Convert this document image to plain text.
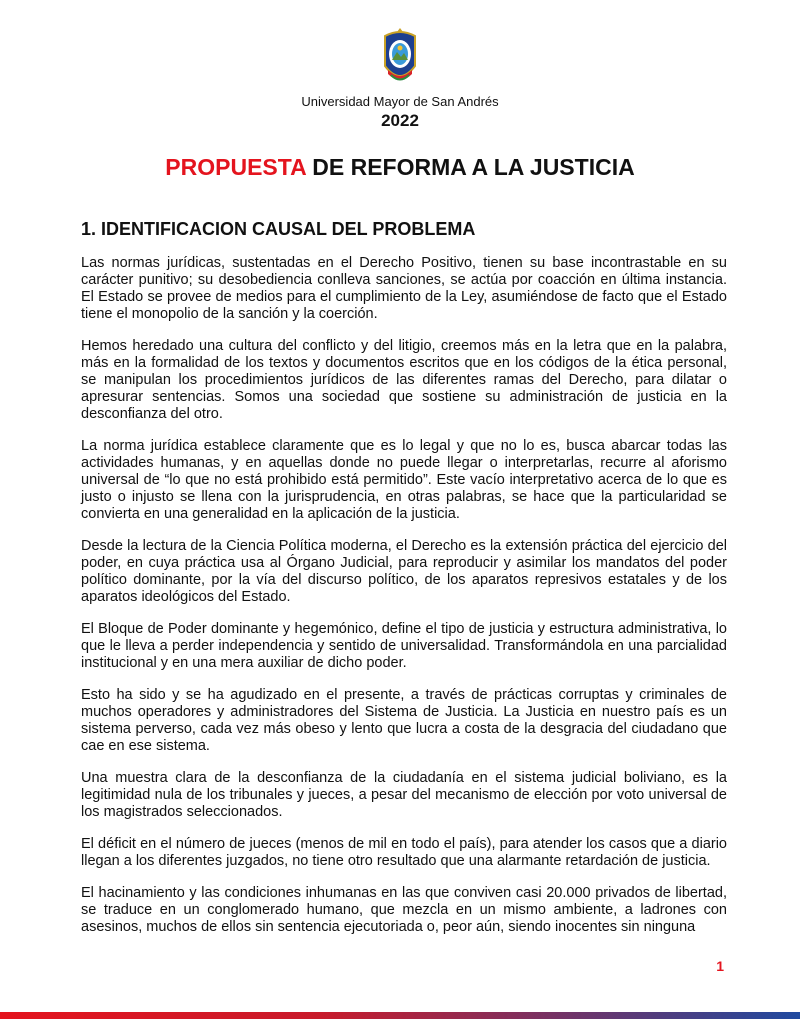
Universidad Mayor de San Andrés
2022
PROPUESTA DE REFORMA A LA JUSTICIA
1. IDENTIFICACION CAUSAL DEL PROBLEMA

Las normas jurídicas, sustentadas en el Derecho Positivo, tienen su base incontrastable en su carácter punitivo; su desobediencia conlleva sanciones, se actúa por coacción en última instancia. El Estado se provee de medios para el cumplimiento de la Ley, asumiéndose de facto que el Estado tiene el monopolio de la sanción y la coerción.

Hemos heredado una cultura del conflicto y del litigio, creemos más en la letra que en la palabra, más en la formalidad de los textos y documentos escritos que en los códigos de la ética personal, se manipulan los procedimientos jurídicos de las diferentes ramas del Derecho, para dilatar o apresurar sentencias. Somos una sociedad que sostiene su administración de justicia en la desconfianza del otro.

La norma jurídica establece claramente que es lo legal y que no lo es, busca abarcar todas las actividades humanas, y en aquellas donde no puede llegar o interpretarlas, recurre al aforismo universal de “lo que no está prohibido está permitido”. Este vacío interpretativo acerca de lo que es justo o injusto se llena con la jurisprudencia, en otras palabras, se hace que la particularidad se convierta en una generalidad en la aplicación de la justicia.

Desde la lectura de la Ciencia Política moderna, el Derecho es la extensión práctica del ejercicio del poder, en cuya práctica usa al Órgano Judicial, para reproducir y asimilar los mandatos del poder político dominante, por la vía del discurso político, de los aparatos represivos estatales y de los aparatos ideológicos del Estado.

El Bloque de Poder dominante y hegemónico, define el tipo de justicia y estructura administrativa, lo que le lleva a perder independencia y sentido de universalidad. Transformándola en una parcialidad institucional y en una mera auxiliar de dicho poder.

Esto ha sido y se ha agudizado en el presente, a través de prácticas corruptas y criminales de muchos operadores y administradores del Sistema de Justicia. La Justicia en nuestro país es un sistema perverso, cada vez más obeso y lento que lucra a costa de la desgracia del ciudadano que cae en ese sistema.

Una muestra clara de la desconfianza de la ciudadanía en el sistema judicial boliviano, es la legitimidad nula de los tribunales y jueces, a pesar del mecanismo de elección por voto universal de los magistrados seleccionados.

El déficit en el número de jueces (menos de mil en todo el país), para atender los casos que a diario llegan a los diferentes juzgados, no tiene otro resultado que una alarmante retardación de justicia.

El hacinamiento y las condiciones inhumanas en las que conviven casi 20.000 privados de libertad, se traduce en un conglomerado humano, que mezcla en un mismo ambiente, a ladrones con asesinos, muchos de ellos sin sentencia ejecutoriada o, peor aún, siendo inocentes sin ninguna

1
